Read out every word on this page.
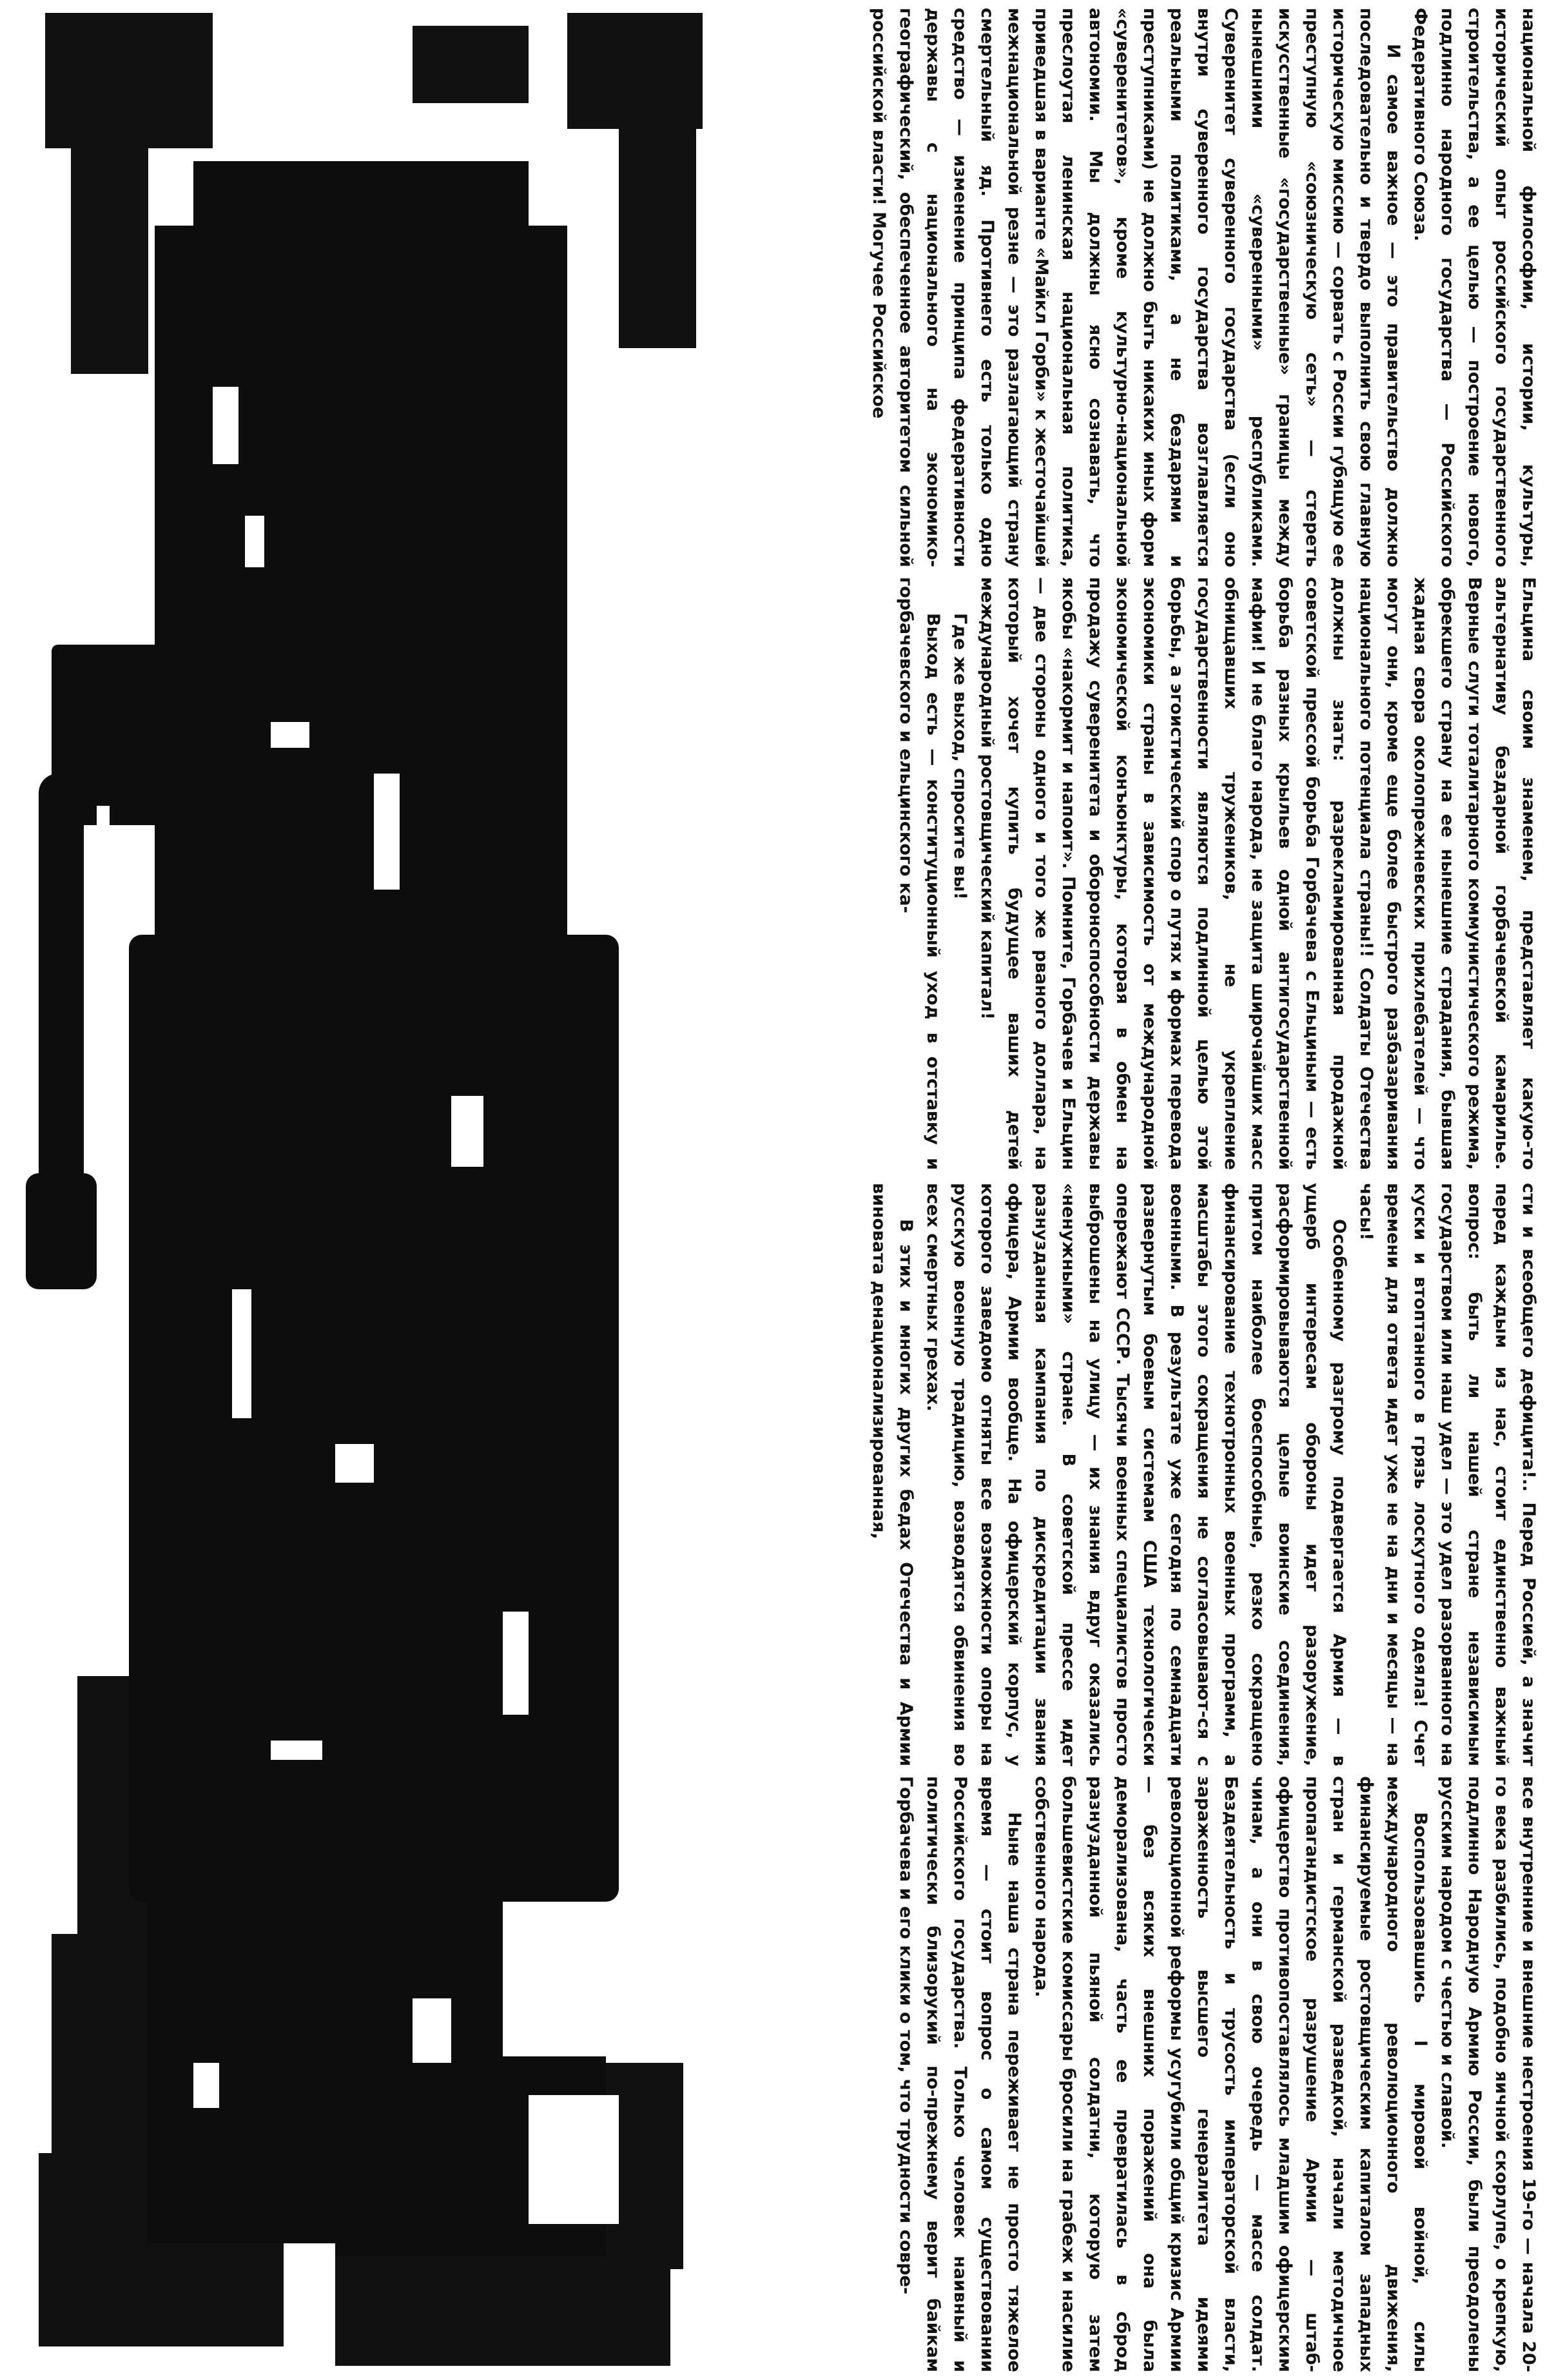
все внутренние и внешние нестроения 19-го — начала 20-го века разбились, подобно яичной скорлупе, о крепкую, подлинно Народную Армию России, были преодолены русским народом с честью и славой.

Воспользовавшись I мировой войной, силы международного революционного движения, финансируемые ростовщическим капиталом западных стран и германской разведкой, начали методичное пропагандистское разрушение Армии — штаб-офицерство противопоставлялось младшим офицерским чинам, а они в свою очередь — массе солдат. Бездеятельность и трусость императорской власти, зараженность высшего генералитета идеями революционной реформы усугубили общий кризис Армии — без всяких внешних поражений она была деморализована, часть ее превратилась в сброд разнузданной пьяной солдатни, которую затем большевистские комиссары бросили на грабеж и насилие собственного народа.

Ныне наша страна переживает не просто тяжелое время — стоит вопрос о самом существовании Российского государства. Только человек наивный и политически близорукий по-прежнему верит байкам Горбачева и его клики о том, что трудности совре-

сти и всеобщего дефицита!.. Перед Россией, а значит перед каждым из нас, стоит единственно важный вопрос: быть ли нашей стране независимым государством или наш удел — это удел разорванного на куски и втоптанного в грязь лоскутного одеяла! Счет времени для ответа идет уже не на дни и месяцы — на часы!

Особенному разгрому подвергается Армия — в ущерб интересам обороны идет разоружение, расформировываются целые воинские соединения, притом наиболее боеспособные, резко сокращено финансирование технотронных военных программ, а масштабы этого сокращения не согласовывают-ся с военными. В результате уже сегодня по семнадцати развернутым боевым системам США технологически опережают СССР. Тысячи военных специалистов просто выброшены на улицу — их знания вдруг оказались «ненужными» стране. В советской прессе идет разнузданная кампания по дискредитации звания офицера, Армии вообще. На офицерский корпус, у которого заведомо отняты все возможности опоры на русскую военную традицию, возводятся обвинения во всех смертных грехах.

В этих и многих других бедах Отечества и Армии виновата денационализированная,

Ельцина своим знаменем, представляет какую-то альтернативу бездарной горбачевской камарилье. Верные слуги тоталитарного коммунистического режима, обрекшего страну на ее нынешние страдания, бывшая жадная свора околопрежневских прихлебателей — что могут они, кроме еще более быстрого разбазаривания национального потенциала страны!! Солдаты Отечества должны знать: разрекламированная продажной советской прессой борьба Горбачева с Ельциным — есть борьба разных крыльев одной антигосударственной мафии! И не благо народа, не защита широчайших масс обнищавших тружеников, не укрепление государственности являются подлинной целью этой борьбы, а эгоистический спор о путях и формах перевода экономики страны в зависимость от международной экономической конъюнктуры, которая в обмен на продажу суверенитета и обороноспособности державы якобы «накормит и напоит». Помните, Горбачев и Ельцин — две стороны одного и того же рваного доллара, на который хочет купить будущее ваших детей международный ростовщический капитал!

Где же выход, спросите вы!

Выход есть — конституционный уход в отставку и горбачевского и ельцинского ка-

национальной философии, истории, культуры, исторический опыт российского государственного строительства, а ее целью — построение нового, подлинно народного государства — Российского Федеративного Союза.

И самое важное — это правительство должно последовательно и твердо выполнить свою главную историческую миссию — сорвать с России губящую ее преступную «союзническую сеть» — стереть искусственные «государственные» границы между нынешними «суверенными» республиками. Суверенитет суверенного государства (если оно внутри суверенного государства возглавляется реальными политиками, а не бездарями и преступниками) не должно быть никаких иных форм «суверенитетов», кроме культурно-национальной автономии. Мы должны ясно сознавать, что преслоутая ленинская национальная политика, приведшая в варианте «Майкл Горби» к жесточайшей межнациональной резне — это разлагающий страну смертельный яд. Противнего есть только одно средство — изменение принципа федеративности державы с национального на экономико-географический, обеспеченное авторитетом сильной российской власти! Могучее Российское
